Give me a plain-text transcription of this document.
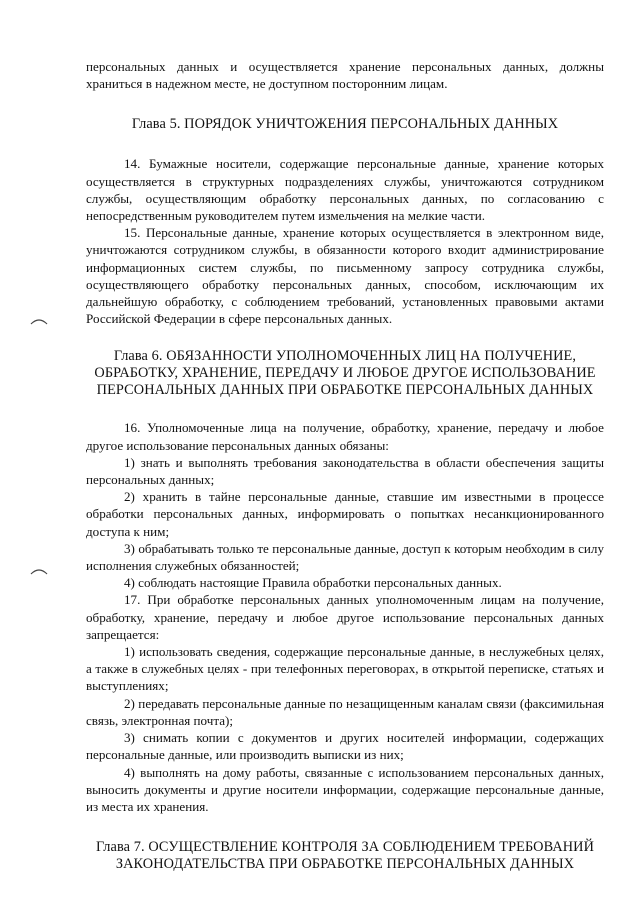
персональных данных и осуществляется хранение персональных данных, должны храниться в надежном месте, не доступном посторонним лицам.

Глава 5. ПОРЯДОК УНИЧТОЖЕНИЯ ПЕРСОНАЛЬНЫХ ДАННЫХ

14. Бумажные носители, содержащие персональные данные, хранение которых осуществляется в структурных подразделениях службы, уничтожаются сотрудником службы, осуществляющим обработку персональных данных, по согласованию с непосредственным руководителем путем измельчения на мелкие части.

15. Персональные данные, хранение которых осуществляется в электронном виде, уничтожаются сотрудником службы, в обязанности которого входит администрирование информационных систем службы, по письменному запросу сотрудника службы, осуществляющего обработку персональных данных, способом, исключающим их дальнейшую обработку, с соблюдением требований, установленных правовыми актами Российской Федерации в сфере персональных данных.

Глава 6. ОБЯЗАННОСТИ УПОЛНОМОЧЕННЫХ ЛИЦ НА ПОЛУЧЕНИЕ, ОБРАБОТКУ, ХРАНЕНИЕ, ПЕРЕДАЧУ И ЛЮБОЕ ДРУГОЕ ИСПОЛЬЗОВАНИЕ ПЕРСОНАЛЬНЫХ ДАННЫХ ПРИ ОБРАБОТКЕ ПЕРСОНАЛЬНЫХ ДАННЫХ

16. Уполномоченные лица на получение, обработку, хранение, передачу и любое другое использование персональных данных обязаны:

1) знать и выполнять требования законодательства в области обеспечения защиты персональных данных;

2) хранить в тайне персональные данные, ставшие им известными в процессе обработки персональных данных, информировать о попытках несанкционированного доступа к ним;

3) обрабатывать только те персональные данные, доступ к которым необходим в силу исполнения служебных обязанностей;

4) соблюдать настоящие Правила обработки персональных данных.

17. При обработке персональных данных уполномоченным лицам на получение, обработку, хранение, передачу и любое другое использование персональных данных запрещается:

1) использовать сведения, содержащие персональные данные, в неслужебных целях, а также в служебных целях - при телефонных переговорах, в открытой переписке, статьях и выступлениях;

2) передавать персональные данные по незащищенным каналам связи (факсимильная связь, электронная почта);

3) снимать копии с документов и других носителей информации, содержащих персональные данные, или производить выписки из них;

4) выполнять на дому работы, связанные с использованием персональных данных, выносить документы и другие носители информации, содержащие персональные данные, из места их хранения.

Глава 7. ОСУЩЕСТВЛЕНИЕ КОНТРОЛЯ ЗА СОБЛЮДЕНИЕМ ТРЕБОВАНИЙ ЗАКОНОДАТЕЛЬСТВА ПРИ ОБРАБОТКЕ ПЕРСОНАЛЬНЫХ ДАННЫХ
